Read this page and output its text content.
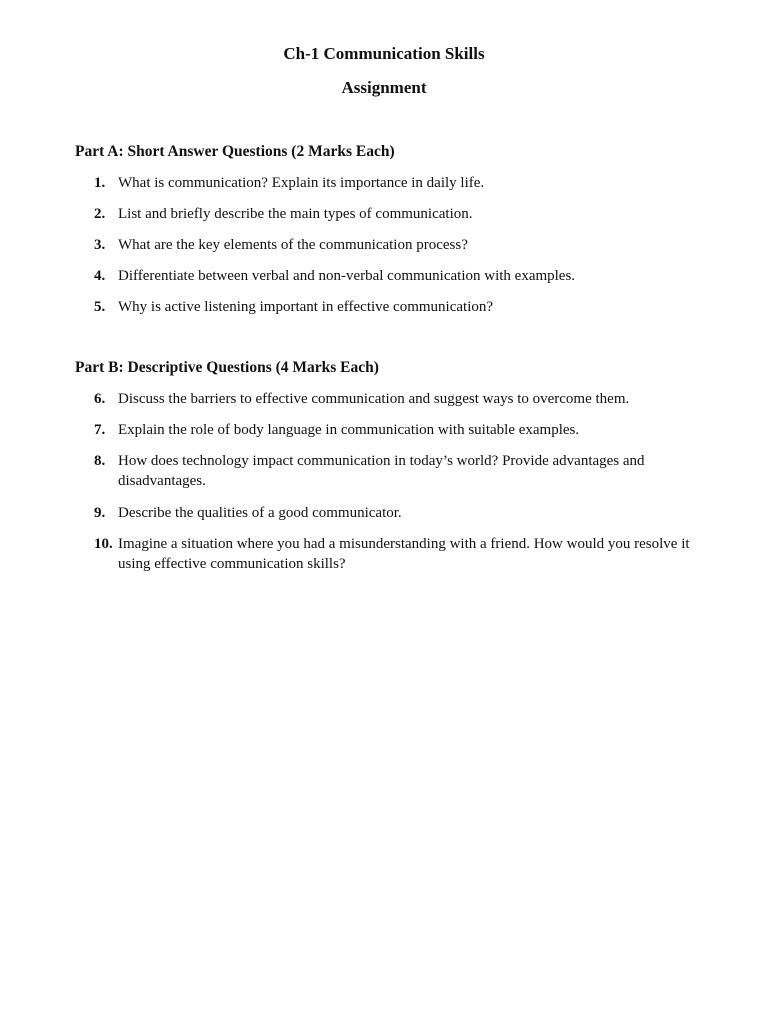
Ch-1 Communication Skills
Assignment
Part A: Short Answer Questions (2 Marks Each)
1. What is communication? Explain its importance in daily life.
2. List and briefly describe the main types of communication.
3. What are the key elements of the communication process?
4. Differentiate between verbal and non-verbal communication with examples.
5. Why is active listening important in effective communication?
Part B: Descriptive Questions (4 Marks Each)
6. Discuss the barriers to effective communication and suggest ways to overcome them.
7. Explain the role of body language in communication with suitable examples.
8. How does technology impact communication in today’s world? Provide advantages and disadvantages.
9. Describe the qualities of a good communicator.
10. Imagine a situation where you had a misunderstanding with a friend. How would you resolve it using effective communication skills?
